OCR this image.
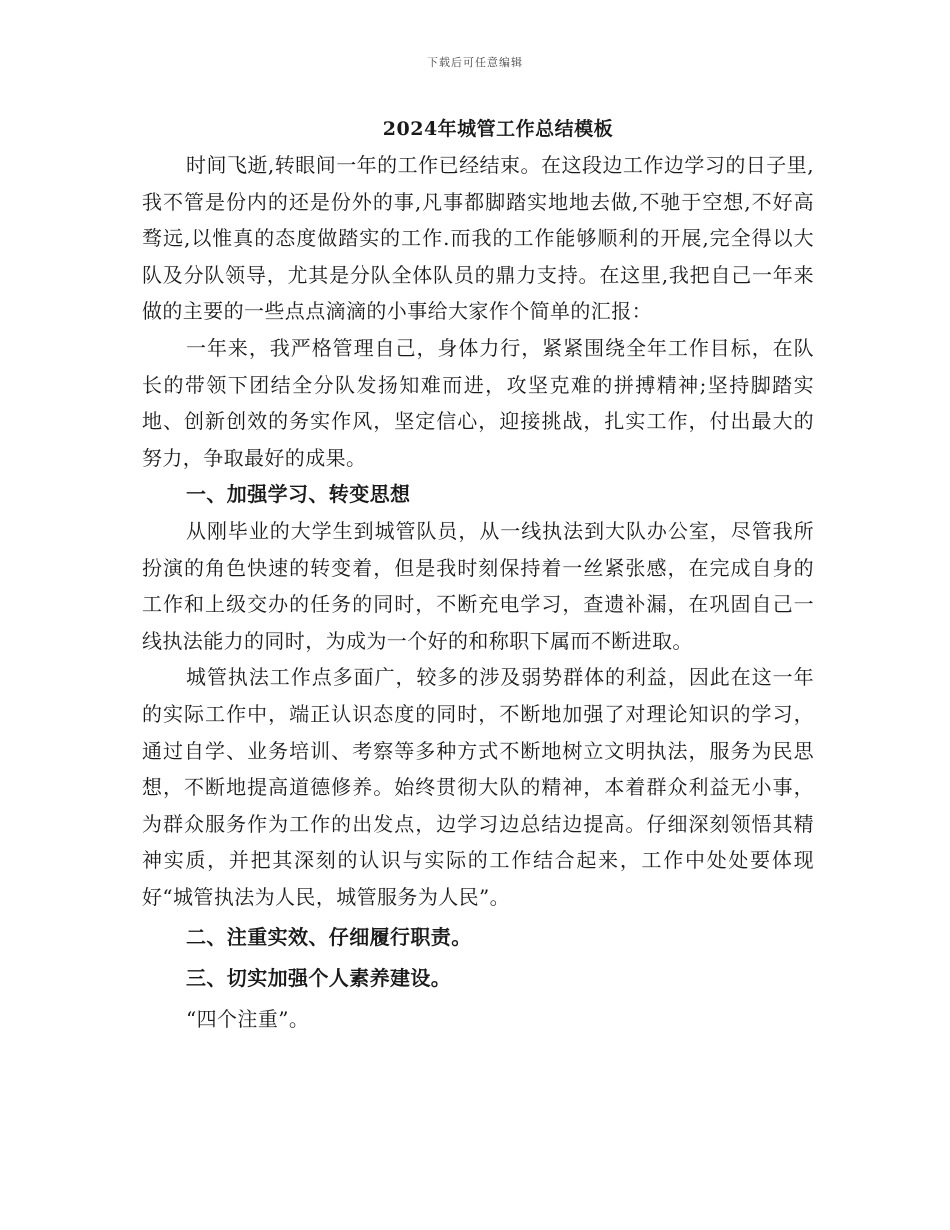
下载后可任意编辑
2024年城管工作总结模板

时间飞逝,转眼间一年的工作已经结束。在这段边工作边学习的日子里,我不管是份内的还是份外的事,凡事都脚踏实地地去做,不驰于空想,不好高骛远,以惟真的态度做踏实的工作.而我的工作能够顺利的开展,完全得以大队及分队领导，尤其是分队全体队员的鼎力支持。在这里,我把自己一年来做的主要的一些点点滴滴的小事给大家作个简单的汇报：

一年来，我严格管理自己，身体力行，紧紧围绕全年工作目标，在队长的带领下团结全分队发扬知难而进，攻坚克难的拼搏精神;坚持脚踏实地、创新创效的务实作风，坚定信心，迎接挑战，扎实工作，付出最大的努力，争取最好的成果。

一、加强学习、转变思想

从刚毕业的大学生到城管队员，从一线执法到大队办公室，尽管我所扮演的角色快速的转变着，但是我时刻保持着一丝紧张感，在完成自身的工作和上级交办的任务的同时，不断充电学习，查遗补漏，在巩固自己一线执法能力的同时，为成为一个好的和称职下属而不断进取。

城管执法工作点多面广，较多的涉及弱势群体的利益，因此在这一年的实际工作中，端正认识态度的同时，不断地加强了对理论知识的学习，通过自学、业务培训、考察等多种方式不断地树立文明执法，服务为民思想，不断地提高道德修养。始终贯彻大队的精神，本着群众利益无小事，为群众服务作为工作的出发点，边学习边总结边提高。仔细深刻领悟其精神实质，并把其深刻的认识与实际的工作结合起来，工作中处处要体现好“城管执法为人民，城管服务为人民”。

二、注重实效、仔细履行职责。

三、切实加强个人素养建设。

“四个注重”。
